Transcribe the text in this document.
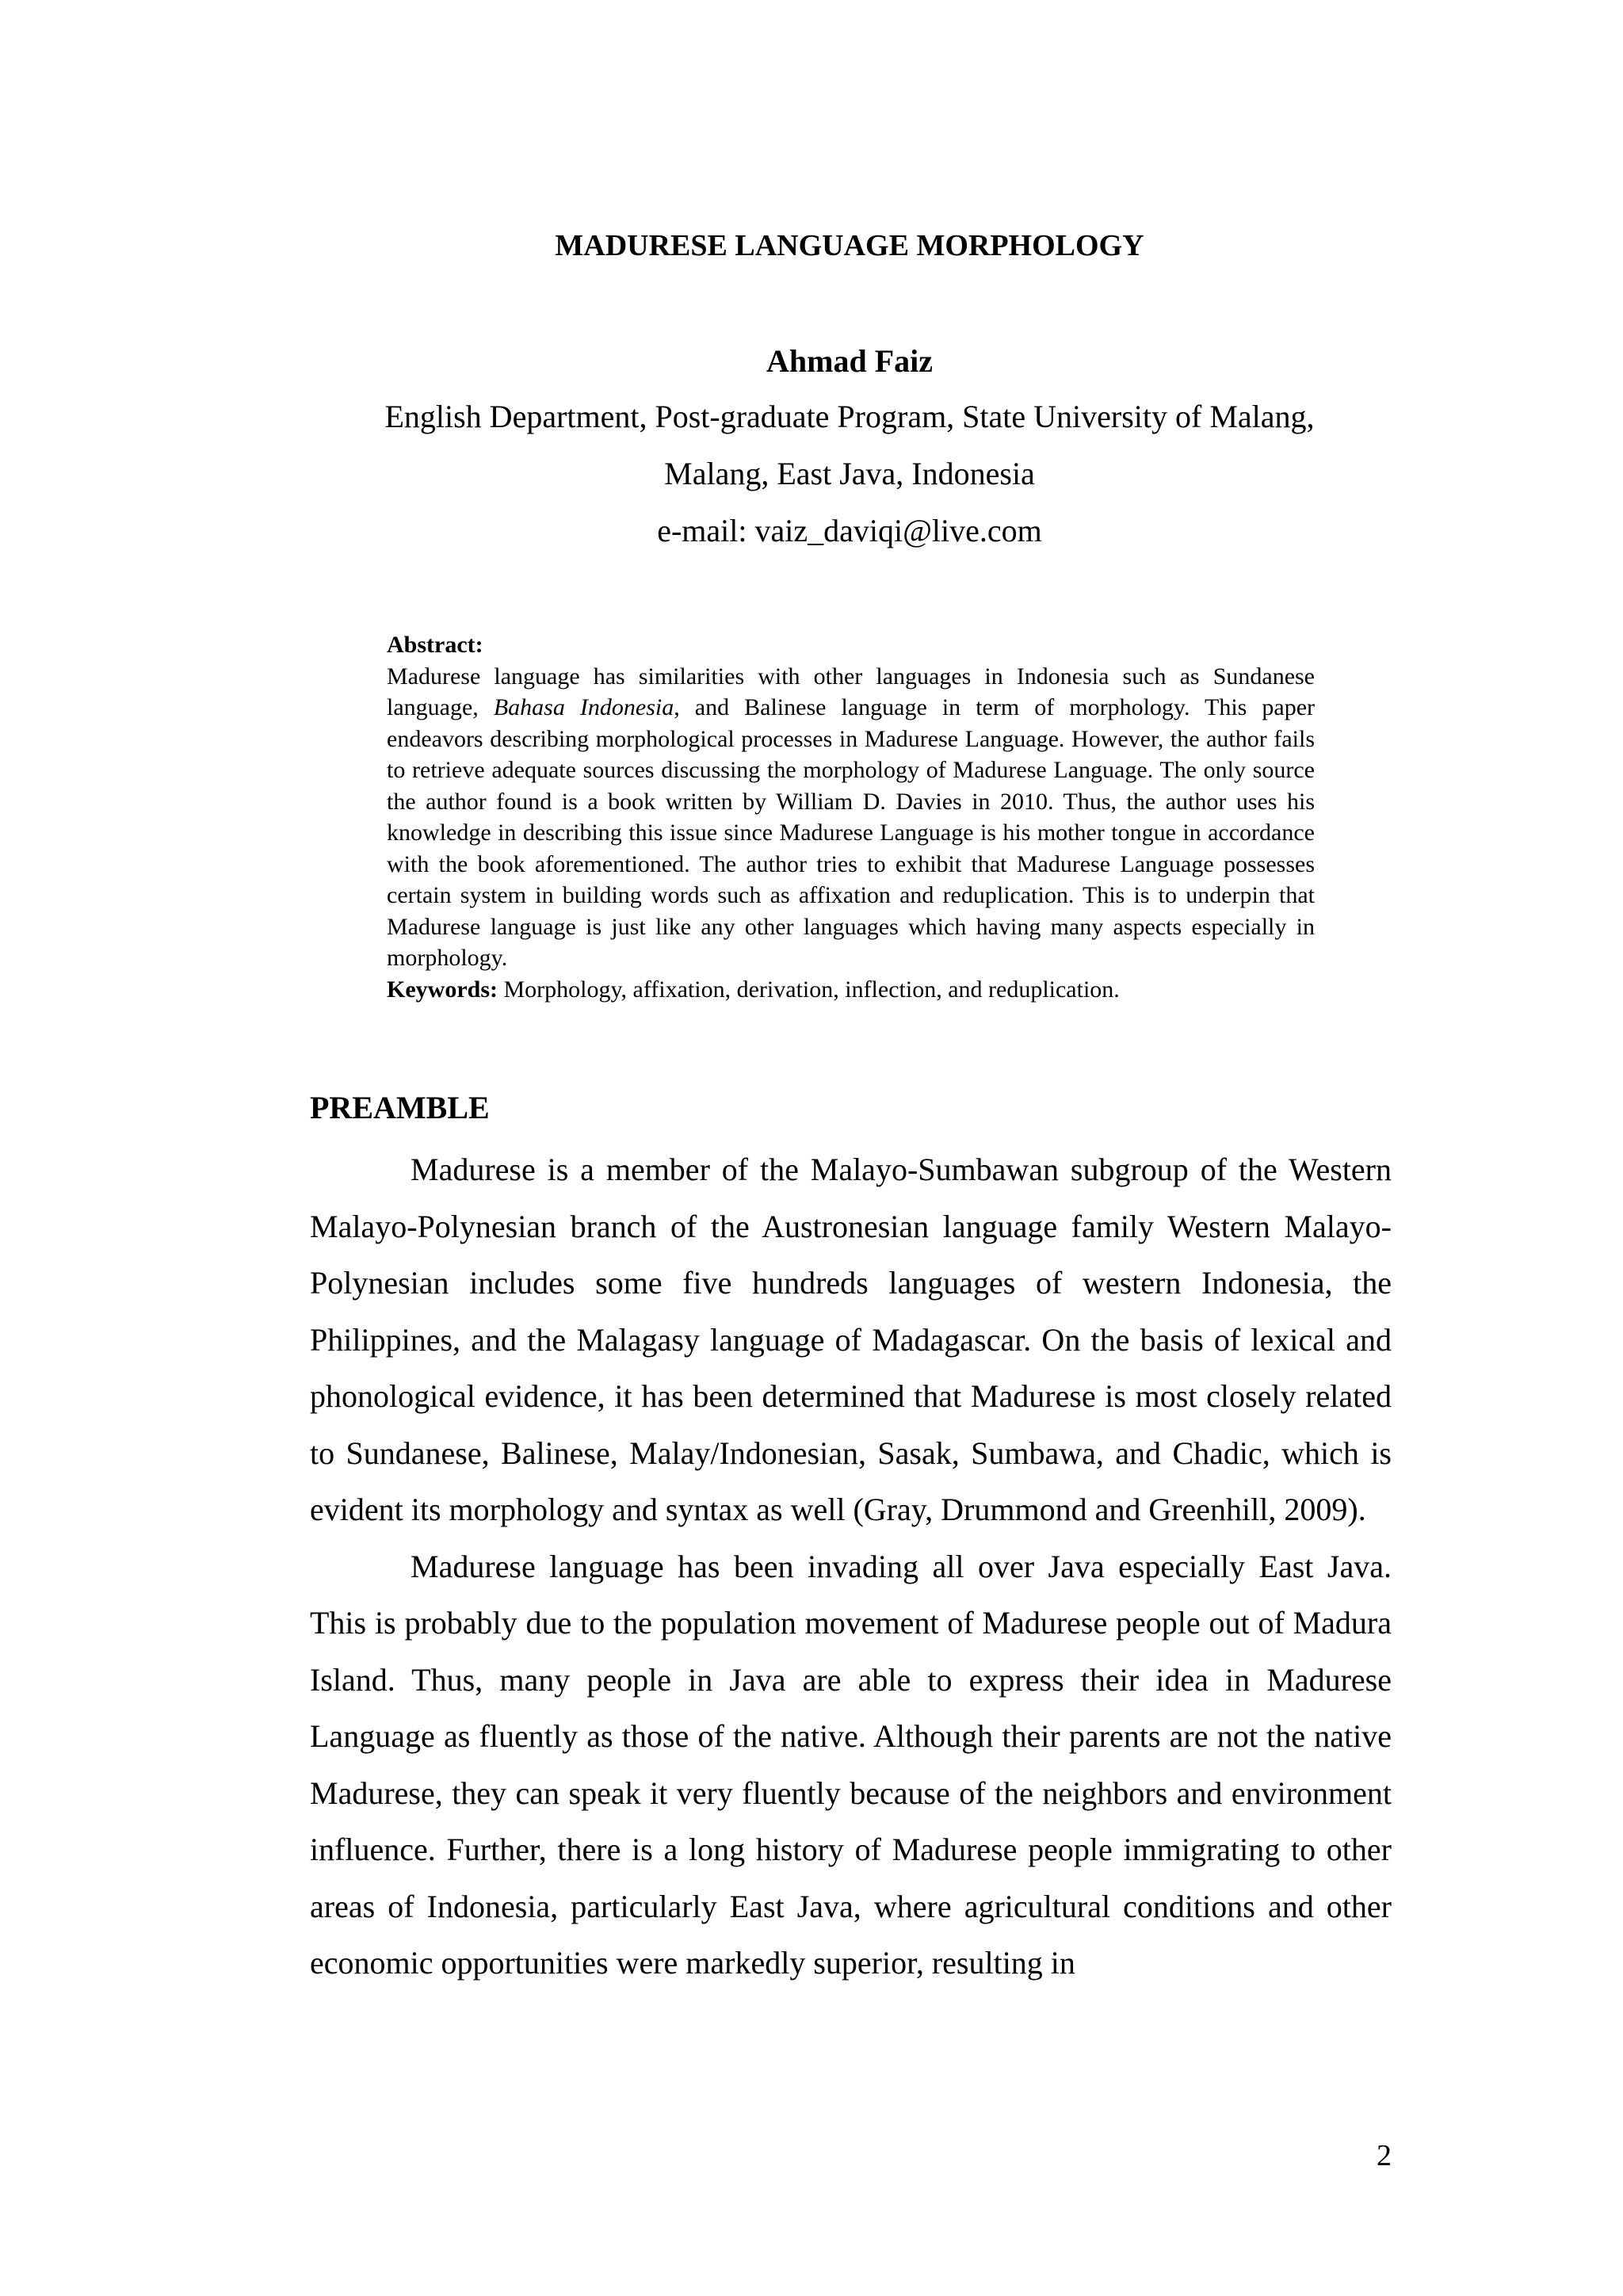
MADURESE LANGUAGE MORPHOLOGY

Ahmad Faiz

English Department, Post-graduate Program, State University of Malang,

Malang, East Java, Indonesia

e-mail: vaiz_daviqi@live.com

Abstract:

Madurese language has similarities with other languages in Indonesia such as Sundanese language, Bahasa Indonesia, and Balinese language in term of morphology. This paper endeavors describing morphological processes in Madurese Language. However, the author fails to retrieve adequate sources discussing the morphology of Madurese Language. The only source the author found is a book written by William D. Davies in 2010. Thus, the author uses his knowledge in describing this issue since Madurese Language is his mother tongue in accordance with the book aforementioned. The author tries to exhibit that Madurese Language possesses certain system in building words such as affixation and reduplication. This is to underpin that Madurese language is just like any other languages which having many aspects especially in morphology.

Keywords: Morphology, affixation, derivation, inflection, and reduplication.

PREAMBLE

Madurese is a member of the Malayo-Sumbawan subgroup of the Western Malayo-Polynesian branch of the Austronesian language family Western Malayo-Polynesian includes some five hundreds languages of western Indonesia, the Philippines, and the Malagasy language of Madagascar. On the basis of lexical and phonological evidence, it has been determined that Madurese is most closely related to Sundanese, Balinese, Malay/Indonesian, Sasak, Sumbawa, and Chadic, which is evident its morphology and syntax as well (Gray, Drummond and Greenhill, 2009).

Madurese language has been invading all over Java especially East Java. This is probably due to the population movement of Madurese people out of Madura Island. Thus, many people in Java are able to express their idea in Madurese Language as fluently as those of the native. Although their parents are not the native Madurese, they can speak it very fluently because of the neighbors and environment influence. Further, there is a long history of Madurese people immigrating to other areas of Indonesia, particularly East Java, where agricultural conditions and other economic opportunities were markedly superior, resulting in

2
